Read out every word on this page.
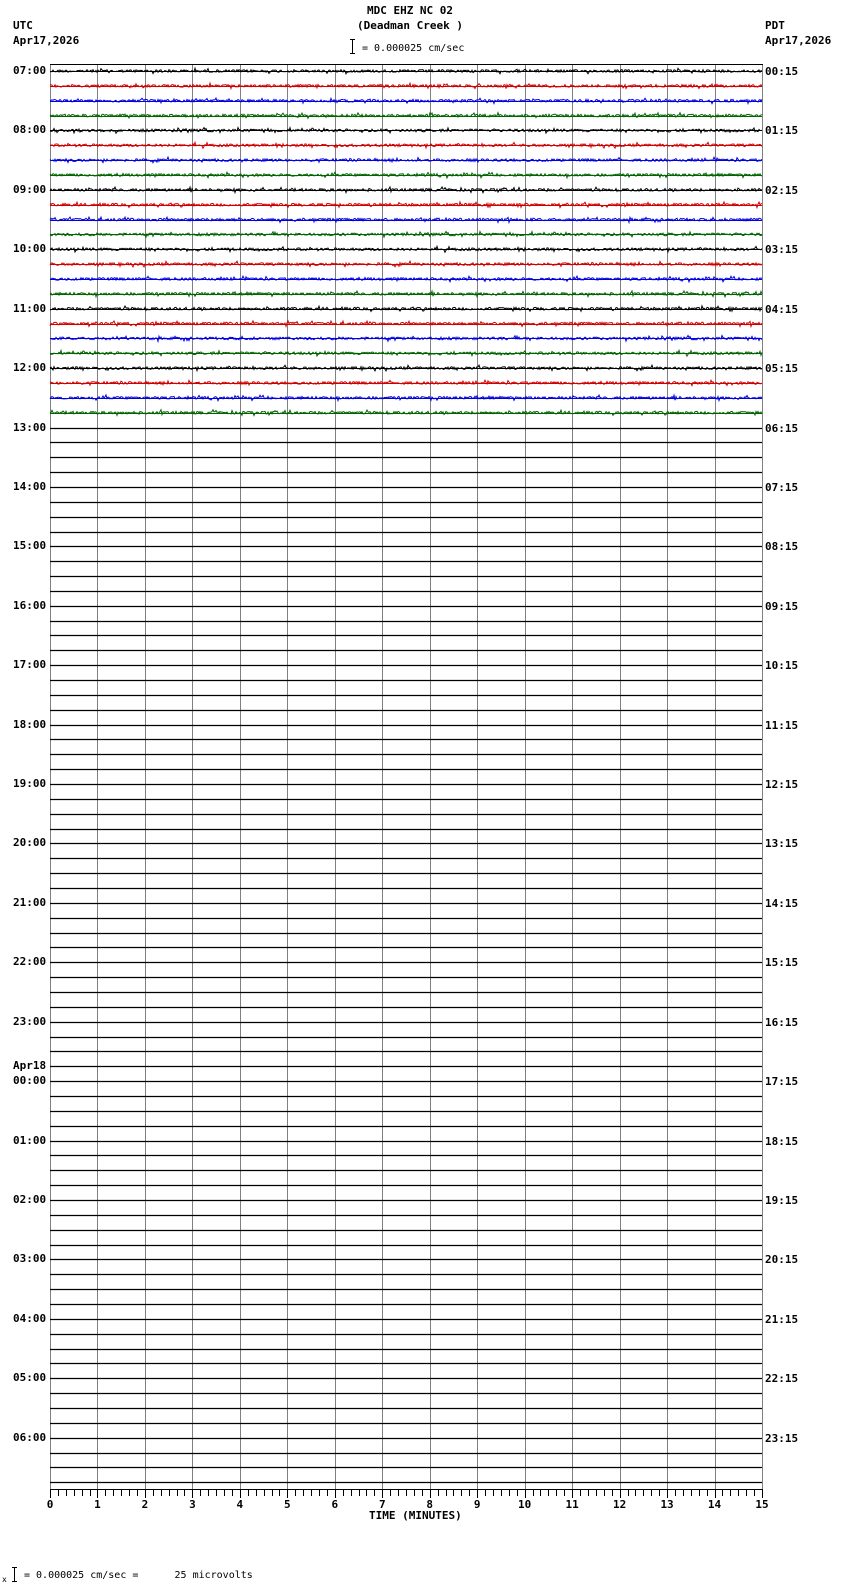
MDC EHZ NC 02
(Deadman Creek )
UTC
Apr17,2026
PDT
Apr17,2026
= 0.000025 cm/sec
07:00
08:00
09:00
10:00
11:00
12:00
13:00
14:00
15:00
16:00
17:00
18:00
19:00
20:00
21:00
22:00
23:00
00:00
Apr18
01:00
02:00
03:00
04:00
05:00
06:00
00:15
01:15
02:15
03:15
04:15
05:15
06:15
07:15
08:15
09:15
10:15
11:15
12:15
13:15
14:15
15:15
16:15
17:15
18:15
19:15
20:15
21:15
22:15
23:15
0	1	2	3	4	5	6	7	8	9	10	11	12	13	14	15
TIME (MINUTES)
x = 0.000025 cm/sec =      25 microvolts
